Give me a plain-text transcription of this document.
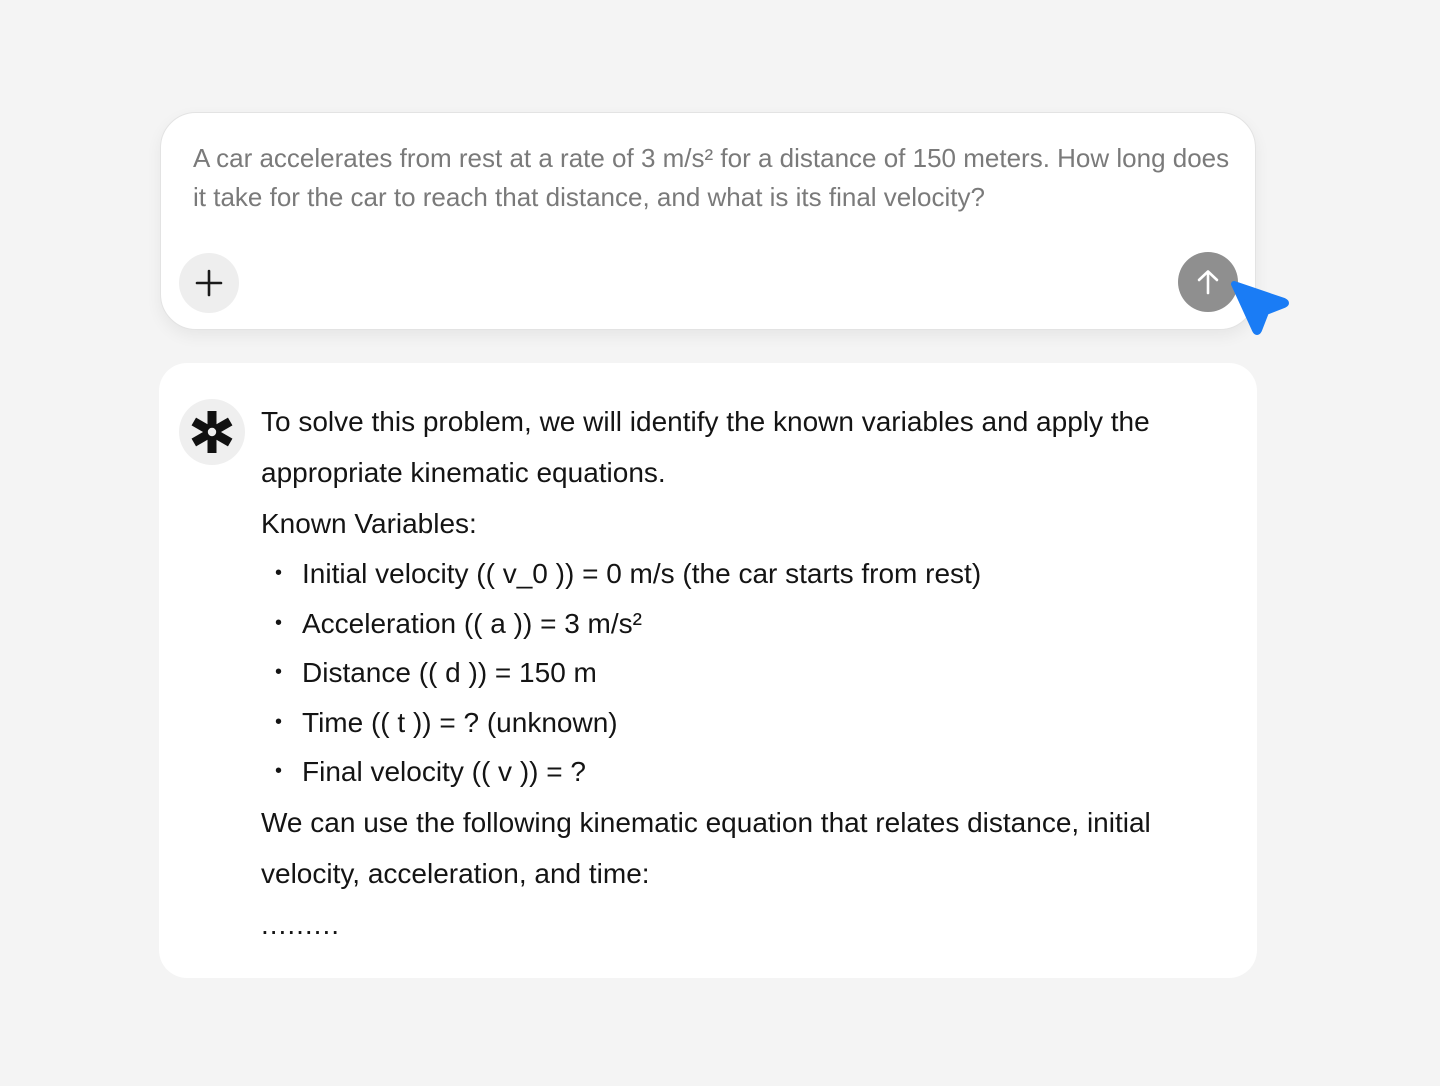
A car accelerates from rest at a rate of 3 m/s² for a distance of 150 meters. How long does it take for the car to reach that distance, and what is its final velocity?

To solve this problem, we will identify the known variables and apply the appropriate kinematic equations.

Known Variables:

• Initial velocity (( v_0 )) = 0 m/s (the car starts from rest)
• Acceleration (( a )) = 3 m/s²
• Distance (( d )) = 150 m
• Time (( t )) = ? (unknown)
• Final velocity (( v )) = ?

We can use the following kinematic equation that relates distance, initial velocity, acceleration, and time:

.........
